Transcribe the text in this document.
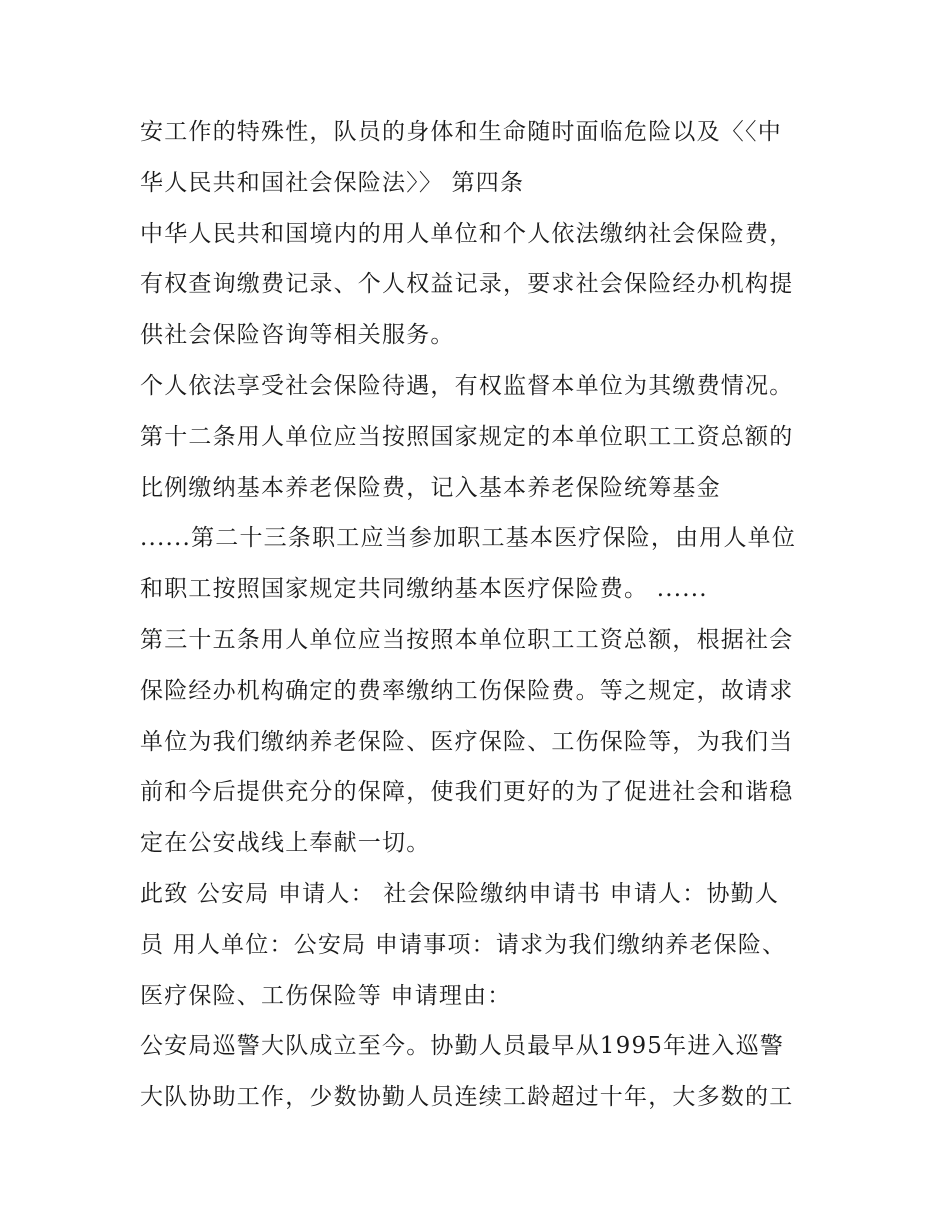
安工作的特殊性，队员的身体和生命随时面临危险以及〈〈中
华人民共和国社会保险法〉〉 第四条
中华人民共和国境内的用人单位和个人依法缴纳社会保险费，
有权查询缴费记录、个人权益记录，要求社会保险经办机构提
供社会保险咨询等相关服务。
个人依法享受社会保险待遇，有权监督本单位为其缴费情况。
第十二条用人单位应当按照国家规定的本单位职工工资总额的
比例缴纳基本养老保险费，记入基本养老保险统筹基金
......第二十三条职工应当参加职工基本医疗保险，由用人单位
和职工按照国家规定共同缴纳基本医疗保险费。 ......
第三十五条用人单位应当按照本单位职工工资总额，根据社会
保险经办机构确定的费率缴纳工伤保险费。等之规定，故请求
单位为我们缴纳养老保险、医疗保险、工伤保险等，为我们当
前和今后提供充分的保障，使我们更好的为了促进社会和谐稳
定在公安战线上奉献一切。
此致 公安局 申请人： 社会保险缴纳申请书 申请人：协勤人
员 用人单位：公安局 申请事项：请求为我们缴纳养老保险、
医疗保险、工伤保险等 申请理由：
公安局巡警大队成立至今。协勤人员最早从1995年进入巡警
大队协助工作，少数协勤人员连续工龄超过十年，大多数的工
